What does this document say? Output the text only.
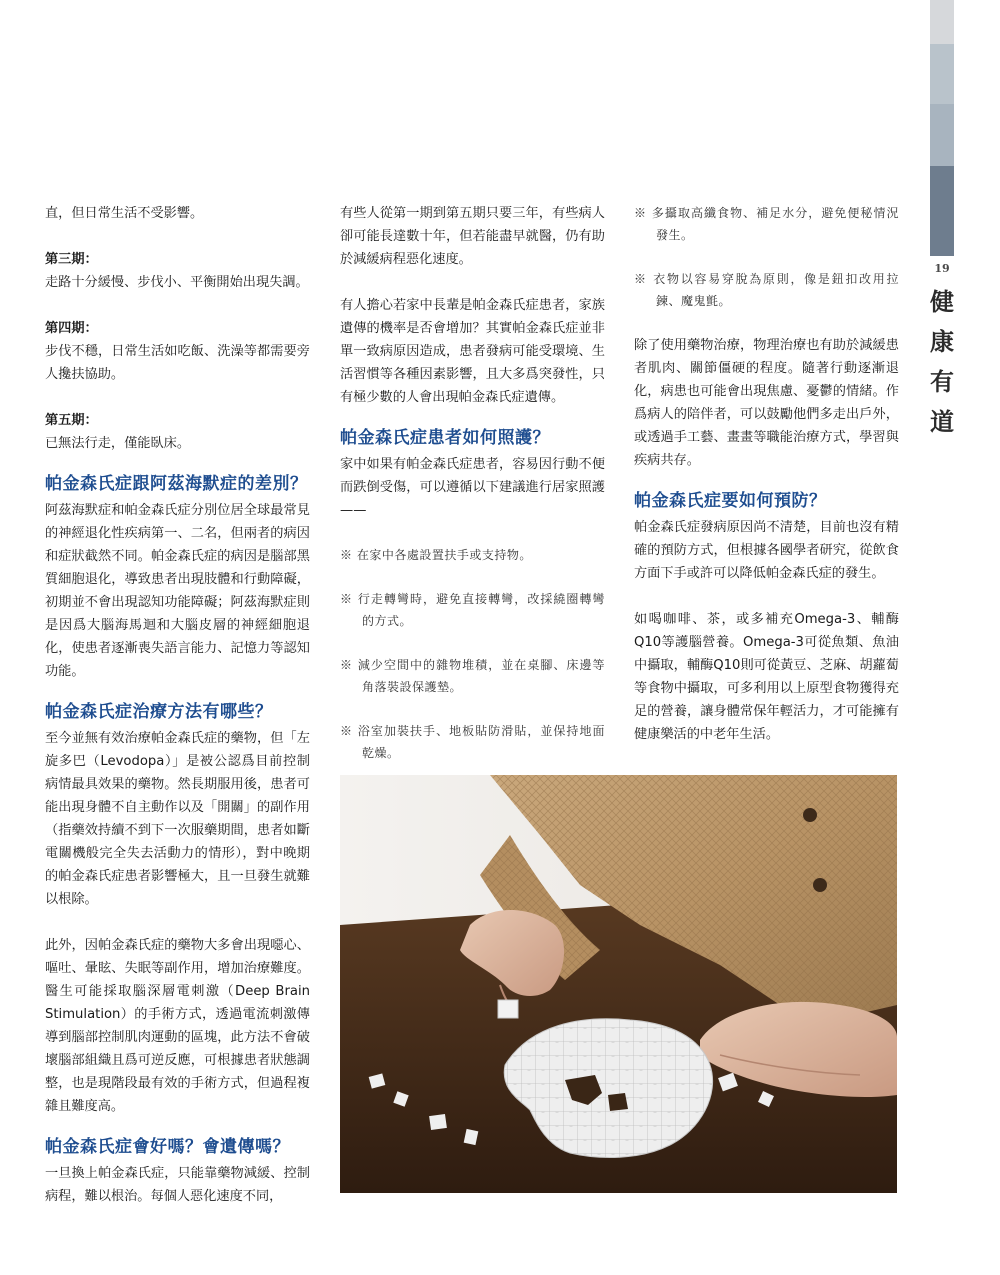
19
健
康
有
道

直，但日常生活不受影響。

第三期：

走路十分緩慢、步伐小、平衡開始出現失調。

第四期：

步伐不穩，日常生活如吃飯、洗澡等都需要旁人攙扶協助。

第五期：

已無法行走，僅能臥床。

帕金森氏症跟阿茲海默症的差別？

阿茲海默症和帕金森氏症分別位居全球最常見的神經退化性疾病第一、二名，但兩者的病因和症狀截然不同。帕金森氏症的病因是腦部黑質細胞退化，導致患者出現肢體和行動障礙，初期並不會出現認知功能障礙；阿茲海默症則是因爲大腦海馬迴和大腦皮層的神經細胞退化，使患者逐漸喪失語言能力、記憶力等認知功能。

帕金森氏症治療方法有哪些？

至今並無有效治療帕金森氏症的藥物，但「左旋多巴（Levodopa）」是被公認爲目前控制病情最具效果的藥物。然長期服用後，患者可能出現身體不自主動作以及「開關」的副作用（指藥效持續不到下一次服藥期間，患者如斷電關機般完全失去活動力的情形），對中晚期的帕金森氏症患者影響極大，且一旦發生就難以根除。

此外，因帕金森氏症的藥物大多會出現噁心、嘔吐、暈眩、失眠等副作用，增加治療難度。醫生可能採取腦深層電刺激（Deep Brain Stimulation）的手術方式，透過電流刺激傳導到腦部控制肌肉運動的區塊，此方法不會破壞腦部組織且爲可逆反應，可根據患者狀態調整，也是現階段最有效的手術方式，但過程複雜且難度高。

帕金森氏症會好嗎？會遺傳嗎？

一旦換上帕金森氏症，只能靠藥物減緩、控制病程，難以根治。每個人惡化速度不同，

有些人從第一期到第五期只要三年，有些病人卻可能長達數十年，但若能盡早就醫，仍有助於減緩病程惡化速度。

有人擔心若家中長輩是帕金森氏症患者，家族遺傳的機率是否會增加？其實帕金森氏症並非單一致病原因造成，患者發病可能受環境、生活習慣等各種因素影響，且大多爲突發性，只有極少數的人會出現帕金森氏症遺傳。

帕金森氏症患者如何照護？

家中如果有帕金森氏症患者，容易因行動不便而跌倒受傷，可以遵循以下建議進行居家照護——

※ 在家中各處設置扶手或支持物。

※ 行走轉彎時，避免直接轉彎，改採繞圈轉彎的方式。

※ 減少空間中的雜物堆積，並在桌腳、床邊等角落裝設保護墊。

※ 浴室加裝扶手、地板貼防滑貼，並保持地面乾燥。

※ 多攝取高纖食物、補足水分，避免便秘情況發生。

※ 衣物以容易穿脫為原則，像是鈕扣改用拉鍊、魔鬼氈。

除了使用藥物治療，物理治療也有助於減緩患者肌肉、關節僵硬的程度。隨著行動逐漸退化，病患也可能會出現焦慮、憂鬱的情緒。作爲病人的陪伴者，可以鼓勵他們多走出戶外，或透過手工藝、畫畫等職能治療方式，學習與疾病共存。

帕金森氏症要如何預防？

帕金森氏症發病原因尚不清楚，目前也沒有精確的預防方式，但根據各國學者研究，從飲食方面下手或許可以降低帕金森氏症的發生。

如喝咖啡、茶，或多補充Omega-3、輔酶Q10等護腦營養。Omega-3可從魚類、魚油中攝取，輔酶Q10則可從黃豆、芝麻、胡蘿蔔等食物中攝取，可多利用以上原型食物獲得充足的營養，讓身體常保年輕活力，才可能擁有健康樂活的中老年生活。
